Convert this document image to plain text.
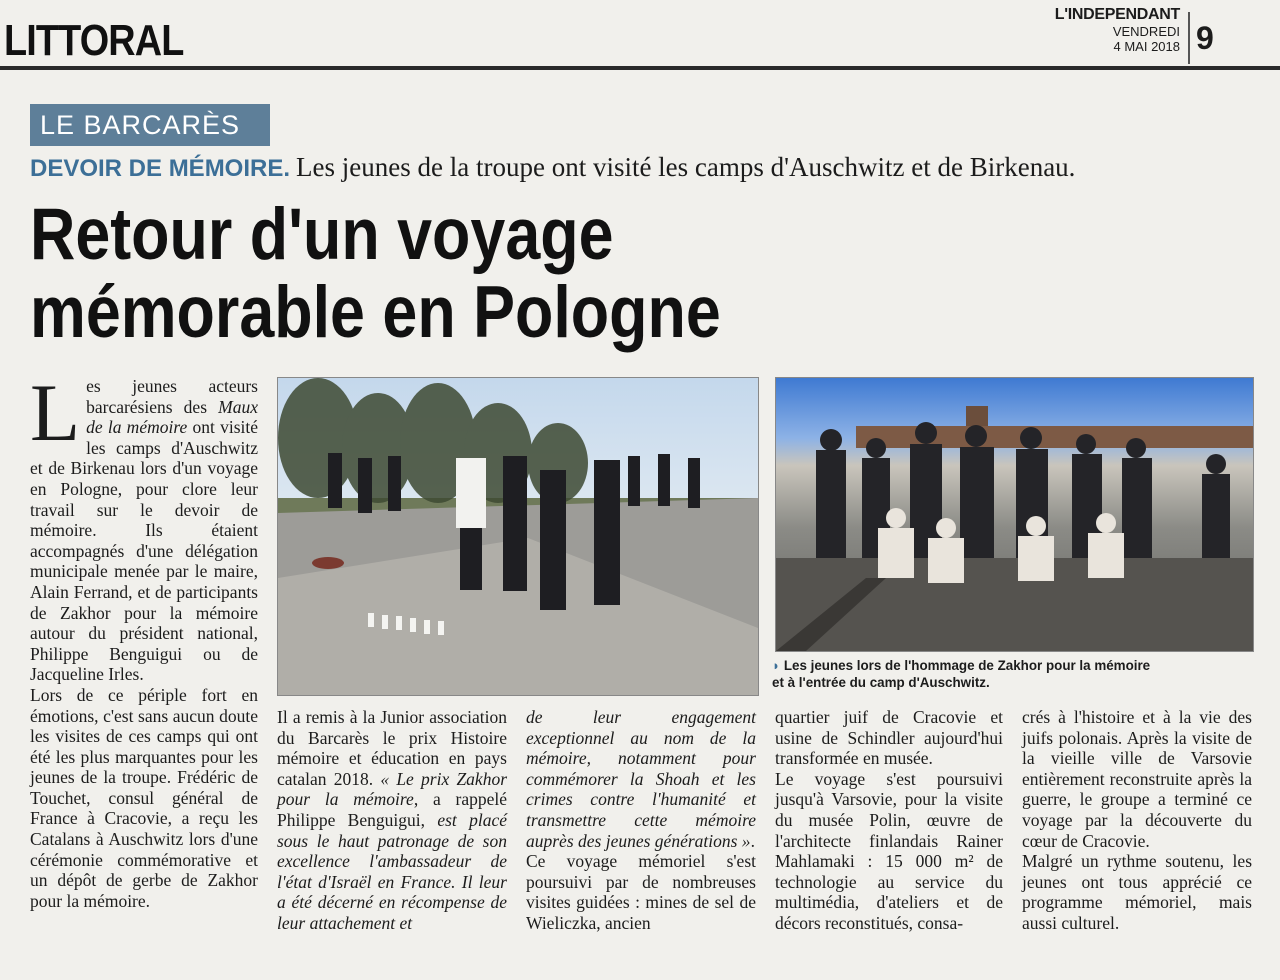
LITTORAL
L'INDEPENDANT
VENDREDI
4 MAI 2018 9
LE BARCARÈS
DEVOIR DE MÉMOIRE. Les jeunes de la troupe ont visité les camps d'Auschwitz et de Birkenau.
Retour d'un voyage
mémorable en Pologne

Les jeunes acteurs barcarésiens des Maux de la mémoire ont visité les camps d'Auschwitz et de Birkenau lors d'un voyage en Pologne, pour clore leur travail sur le devoir de mémoire. Ils étaient accompagnés d'une délégation municipale menée par le maire, Alain Ferrand, et de participants de Zakhor pour la mémoire autour du président national, Philippe Benguigui ou de Jacqueline Irles.

Lors de ce périple fort en émotions, c'est sans aucun doute les visites de ces camps qui ont été les plus marquantes pour les jeunes de la troupe. Frédéric de Touchet, consul général de France à Cracovie, a reçu les Catalans à Auschwitz lors d'une cérémonie commémorative et un dépôt de gerbe de Zakhor pour la mémoire.

◗ Les jeunes lors de l'hommage de Zakhor pour la mémoire
et à l'entrée du camp d'Auschwitz.

Il a remis à la Junior association du Barcarès le prix Histoire mémoire et éducation en pays catalan 2018. « Le prix Zakhor pour la mémoire, a rappelé Philippe Benguigui, est placé sous le haut patronage de son excellence l'ambassadeur de l'état d'Israël en France. Il leur a été décerné en récompense de leur attachement et

de leur engagement exceptionnel au nom de la mémoire, notamment pour commémorer la Shoah et les crimes contre l'humanité et transmettre cette mémoire auprès des jeunes générations ».

Ce voyage mémoriel s'est poursuivi par de nombreuses visites guidées : mines de sel de Wieliczka, ancien

quartier juif de Cracovie et usine de Schindler aujourd'hui transformée en musée.

Le voyage s'est poursuivi jusqu'à Varsovie, pour la visite du musée Polin, œuvre de l'architecte finlandais Rainer Mahlamaki : 15 000 m² de technologie au service du multimédia, d'ateliers et de décors reconstitués, consa-

crés à l'histoire et à la vie des juifs polonais. Après la visite de la vieille ville de Varsovie entièrement reconstruite après la guerre, le groupe a terminé ce voyage par la découverte du cœur de Cracovie.

Malgré un rythme soutenu, les jeunes ont tous apprécié ce programme mémoriel, mais aussi culturel.
